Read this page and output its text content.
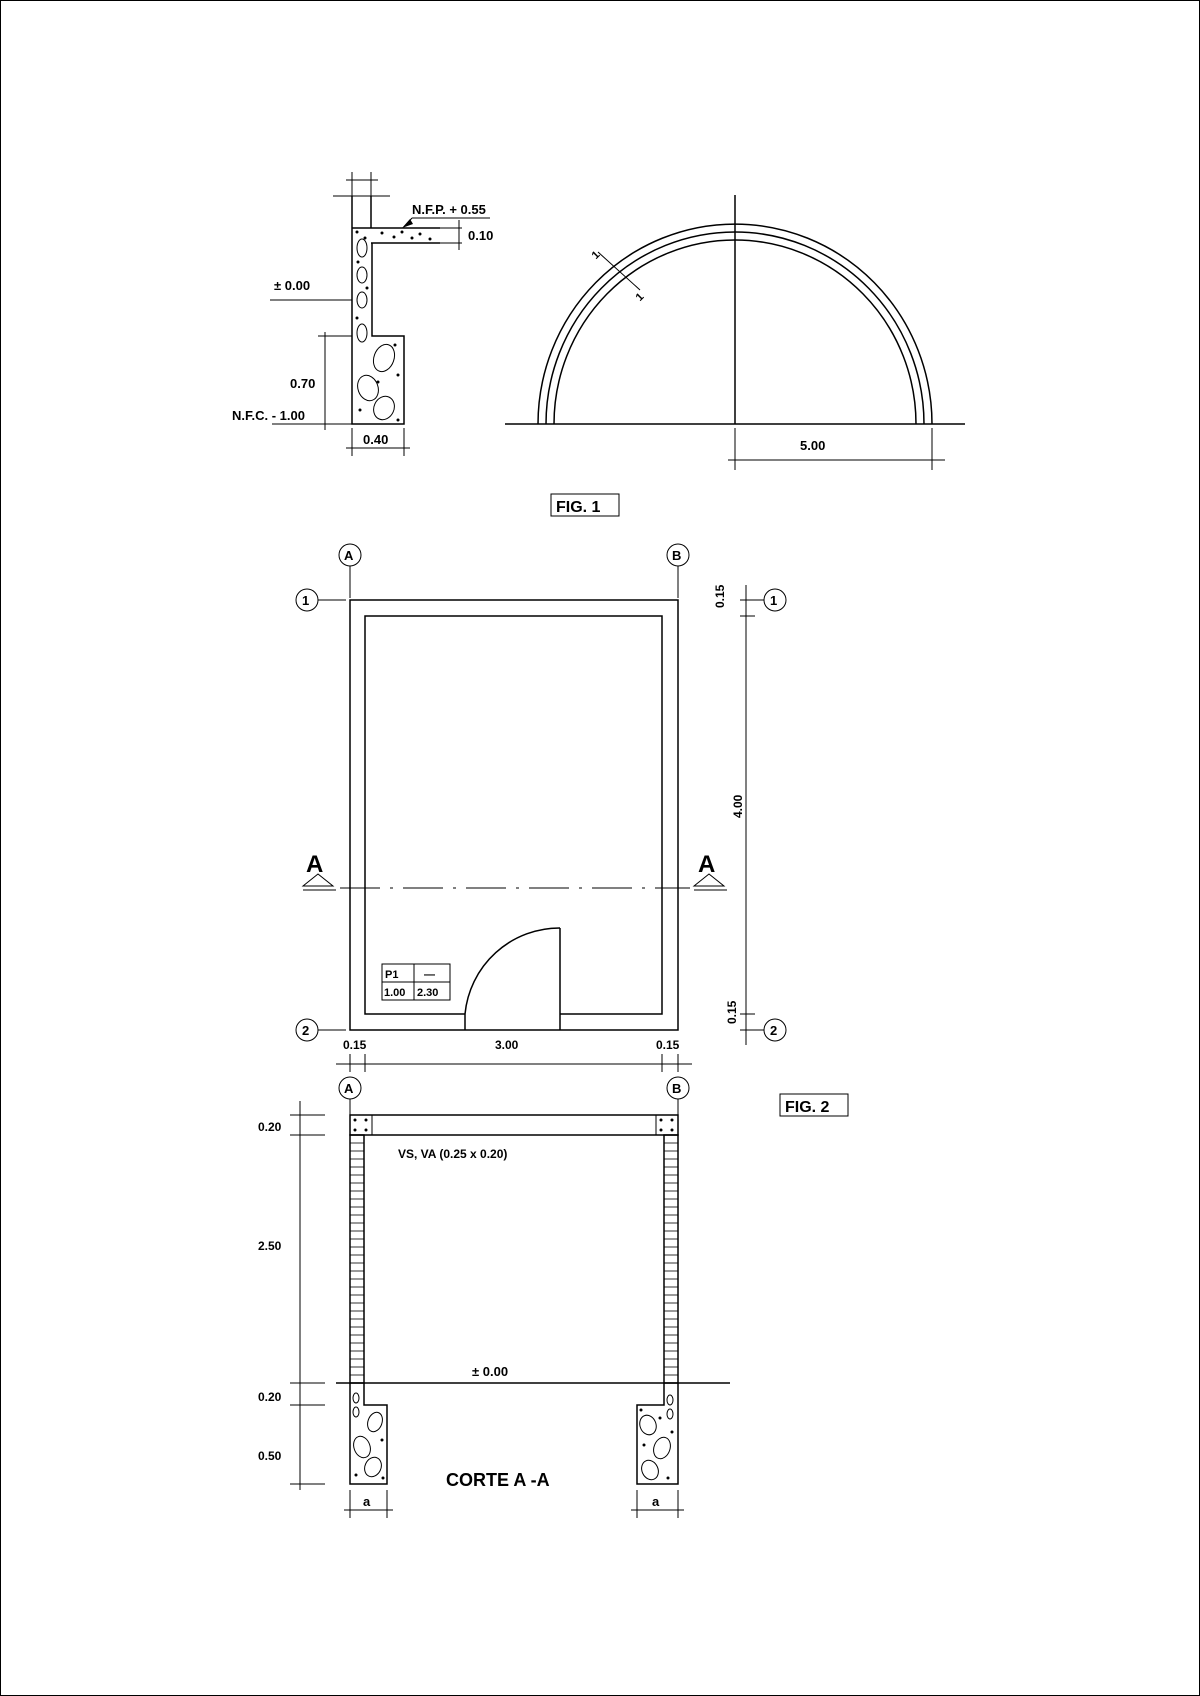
N.F.P. + 0.55
0.10
± 0.00
0.70
N.F.C. - 1.00
0.40
1
1
5.00
FIG. 1
A	B
1
2
P1 —
1.00 2.30
A	A
0.15
4.00
0.15
1
2
0.15	3.00	0.15
FIG. 2
A	B
VS, VA (0.25 x 0.20)
± 0.00
0.20
2.50
0.20
0.50
a	a
CORTE A -A
